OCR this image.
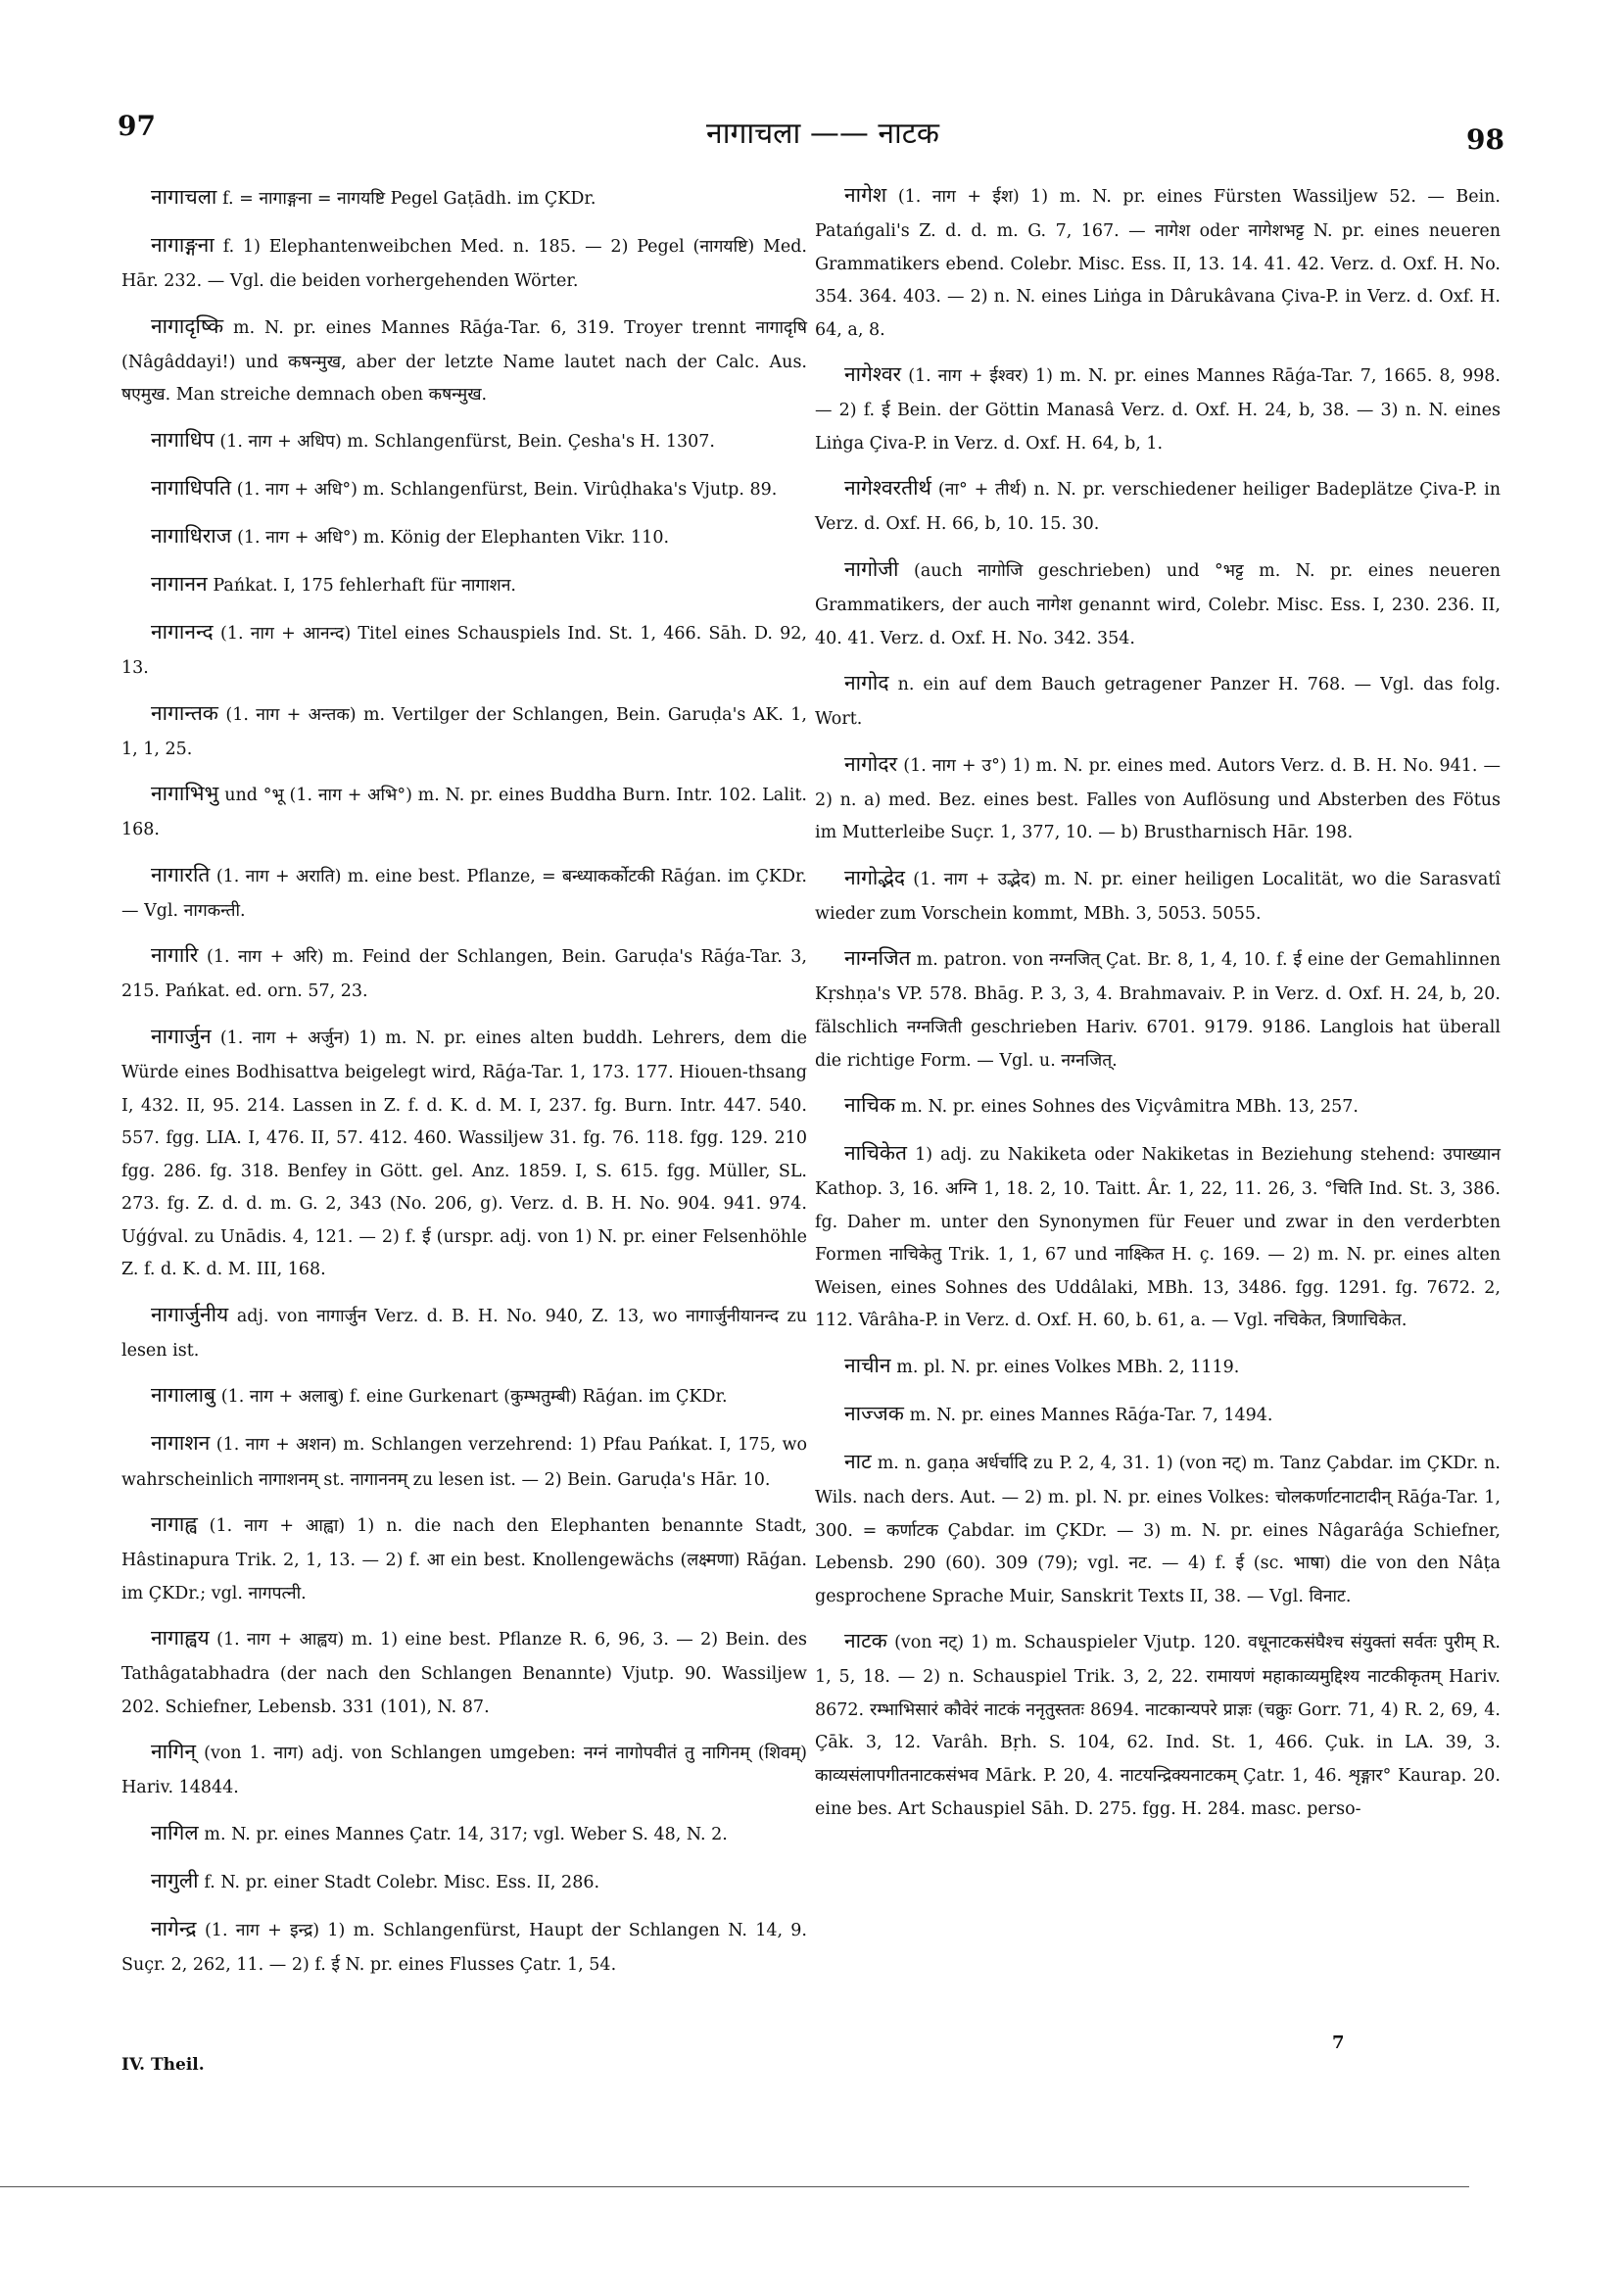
97	नागाचला —— नाटक	98

नागाचला f. = नागाङ्गना = नागयष्टि Pegel Gaṭādh. im ÇKDr.

नागाङ्गना f. 1) Elephantenweibchen Med. n. 185. — 2) Pegel (नागयष्टि) Med. Hār. 232. — Vgl. die beiden vorhergehenden Wörter.

नागादृष्कि m. N. pr. eines Mannes Rāǵa-Tar. 6, 319. Troyer trennt नागादृषि (Nâgâddayi!) und कषन्मुख, aber der letzte Name lautet nach der Calc. Aus. षएमुख. Man streiche demnach oben कषन्मुख.

नागाधिप (1. नाग + अधिप) m. Schlangenfürst, Bein. Çesha's H. 1307.

नागाधिपति (1. नाग + अधि°) m. Schlangenfürst, Bein. Virûḍhaka's Vjutp. 89.

नागाधिराज (1. नाग + अधि°) m. König der Elephanten Vikr. 110.

नागानन Pańkat. I, 175 fehlerhaft für नागाशन.

नागानन्द (1. नाग + आनन्द) Titel eines Schauspiels Ind. St. 1, 466. Sāh. D. 92, 13.

नागान्तक (1. नाग + अन्तक) m. Vertilger der Schlangen, Bein. Garuḍa's AK. 1, 1, 1, 25.

नागाभिभु und °भू (1. नाग + अभि°) m. N. pr. eines Buddha Burn. Intr. 102. Lalit. 168.

नागारति (1. नाग + अराति) m. eine best. Pflanze, = बन्ध्याकर्कोटकी Rāǵan. im ÇKDr. — Vgl. नागकन्ती.

नागारि (1. नाग + अरि) m. Feind der Schlangen, Bein. Garuḍa's Rāǵa-Tar. 3, 215. Pańkat. ed. orn. 57, 23.

नागार्जुन (1. नाग + अर्जुन) 1) m. N. pr. eines alten buddh. Lehrers, dem die Würde eines Bodhisattva beigelegt wird, Rāǵa-Tar. 1, 173. 177. Hiouen-thsang I, 432. II, 95. 214. Lassen in Z. f. d. K. d. M. I, 237. fg. Burn. Intr. 447. 540. 557. fgg. LIA. I, 476. II, 57. 412. 460. Wassiljew 31. fg. 76. 118. fgg. 129. 210 fgg. 286. fg. 318. Benfey in Gött. gel. Anz. 1859. I, S. 615. fgg. Müller, SL. 273. fg. Z. d. d. m. G. 2, 343 (No. 206, g). Verz. d. B. H. No. 904. 941. 974. Uǵǵval. zu Unādis. 4, 121. — 2) f. ई (urspr. adj. von 1) N. pr. einer Felsenhöhle Z. f. d. K. d. M. III, 168.

नागार्जुनीय adj. von नागार्जुन Verz. d. B. H. No. 940, Z. 13, wo नागार्जुनीयानन्द zu lesen ist.

नागालाबु (1. नाग + अलाबु) f. eine Gurkenart (कुम्भतुम्बी) Rāǵan. im ÇKDr.

नागाशन (1. नाग + अशन) m. Schlangen verzehrend: 1) Pfau Pańkat. I, 175, wo wahrscheinlich नागाशनम् st. नागाननम् zu lesen ist. — 2) Bein. Garuḍa's Hār. 10.

नागाह्व (1. नाग + आह्वा) 1) n. die nach den Elephanten benannte Stadt, Hâstinapura Trik. 2, 1, 13. — 2) f. आ ein best. Knollengewächs (लक्ष्मणा) Rāǵan. im ÇKDr.; vgl. नागपत्नी.

नागाह्वय (1. नाग + आह्वय) m. 1) eine best. Pflanze R. 6, 96, 3. — 2) Bein. des Tathâgatabhadra (der nach den Schlangen Benannte) Vjutp. 90. Wassiljew 202. Schiefner, Lebensb. 331 (101), N. 87.

नागिन् (von 1. नाग) adj. von Schlangen umgeben: नग्नं नागोपवीतं तु नागिनम् (शिवम्) Hariv. 14844.

नागिल m. N. pr. eines Mannes Çatr. 14, 317; vgl. Weber S. 48, N. 2.

नागुली f. N. pr. einer Stadt Colebr. Misc. Ess. II, 286.

नागेन्द्र (1. नाग + इन्द्र) 1) m. Schlangenfürst, Haupt der Schlangen N. 14, 9. Suçr. 2, 262, 11. — 2) f. ई N. pr. eines Flusses Çatr. 1, 54.

नागेश (1. नाग + ईश) 1) m. N. pr. eines Fürsten Wassiljew 52. — Bein. Patańgali's Z. d. d. m. G. 7, 167. — नागेश oder नागेशभट्ट N. pr. eines neueren Grammatikers ebend. Colebr. Misc. Ess. II, 13. 14. 41. 42. Verz. d. Oxf. H. No. 354. 364. 403. — 2) n. N. eines Liṅga in Dârukâvana Çiva-P. in Verz. d. Oxf. H. 64, a, 8.

नागेश्वर (1. नाग + ईश्वर) 1) m. N. pr. eines Mannes Rāǵa-Tar. 7, 1665. 8, 998. — 2) f. ई Bein. der Göttin Manasâ Verz. d. Oxf. H. 24, b, 38. — 3) n. N. eines Liṅga Çiva-P. in Verz. d. Oxf. H. 64, b, 1.

नागेश्वरतीर्थ (ना° + तीर्थ) n. N. pr. verschiedener heiliger Badeplätze Çiva-P. in Verz. d. Oxf. H. 66, b, 10. 15. 30.

नागोजी (auch नागोजि geschrieben) und °भट्ट m. N. pr. eines neueren Grammatikers, der auch नागेश genannt wird, Colebr. Misc. Ess. I, 230. 236. II, 40. 41. Verz. d. Oxf. H. No. 342. 354.

नागोद n. ein auf dem Bauch getragener Panzer H. 768. — Vgl. das folg. Wort.

नागोदर (1. नाग + उ°) 1) m. N. pr. eines med. Autors Verz. d. B. H. No. 941. — 2) n. a) med. Bez. eines best. Falles von Auflösung und Absterben des Fötus im Mutterleibe Suçr. 1, 377, 10. — b) Brustharnisch Hār. 198.

नागोद्भेद (1. नाग + उद्भेद) m. N. pr. einer heiligen Localität, wo die Sarasvatî wieder zum Vorschein kommt, MBh. 3, 5053. 5055.

नाग्नजित m. patron. von नग्नजित् Çat. Br. 8, 1, 4, 10. f. ई eine der Gemahlinnen Kṛshṇa's VP. 578. Bhāg. P. 3, 3, 4. Brahmavaiv. P. in Verz. d. Oxf. H. 24, b, 20. fälschlich नग्नजिती geschrieben Hariv. 6701. 9179. 9186. Langlois hat überall die richtige Form. — Vgl. u. नग्नजित्.

नाचिक m. N. pr. eines Sohnes des Viçvâmitra MBh. 13, 257.

नाचिकेत 1) adj. zu Nakiketa oder Nakiketas in Beziehung stehend: उपाख्यान Kathop. 3, 16. अग्नि 1, 18. 2, 10. Taitt. Âr. 1, 22, 11. 26, 3. °चिति Ind. St. 3, 386. fg. Daher m. unter den Synonymen für Feuer und zwar in den verderbten Formen नाचिकेतु Trik. 1, 1, 67 und नाक्ष्कित H. ç. 169. — 2) m. N. pr. eines alten Weisen, eines Sohnes des Uddâlaki, MBh. 13, 3486. fgg. 1291. fg. 7672. 2, 112. Vârâha-P. in Verz. d. Oxf. H. 60, b. 61, a. — Vgl. नचिकेत, त्रिणाचिकेत.

नाचीन m. pl. N. pr. eines Volkes MBh. 2, 1119.

नाज्जक m. N. pr. eines Mannes Rāǵa-Tar. 7, 1494.

नाट m. n. gaṇa अर्धर्चादि zu P. 2, 4, 31. 1) (von नट्) m. Tanz Çabdar. im ÇKDr. n. Wils. nach ders. Aut. — 2) m. pl. N. pr. eines Volkes: चोलकर्णाटनाटादीन् Rāǵa-Tar. 1, 300. = कर्णाटक Çabdar. im ÇKDr. — 3) m. N. pr. eines Nâgarâǵa Schiefner, Lebensb. 290 (60). 309 (79); vgl. नट. — 4) f. ई (sc. भाषा) die von den Nâṭa gesprochene Sprache Muir, Sanskrit Texts II, 38. — Vgl. विनाट.

नाटक (von नट्) 1) m. Schauspieler Vjutp. 120. वधूनाटकसंघैश्च संयुक्तां सर्वतः पुरीम् R. 1, 5, 18. — 2) n. Schauspiel Trik. 3, 2, 22. रामायणं महाकाव्यमुद्दिश्य नाटकीकृतम् Hariv. 8672. रम्भाभिसारं कौवेरं नाटकं ननृतुस्ततः 8694. नाटकान्यपरे प्राज्ञः (चक्रुः Gorr. 71, 4) R. 2, 69, 4. Çāk. 3, 12. Varâh. Bṛh. S. 104, 62. Ind. St. 1, 466. Çuk. in LA. 39, 3. काव्यसंलापगीतनाटकसंभव Mārk. P. 20, 4. नाटयन्द्रिक्यनाटकम् Çatr. 1, 46. शृङ्गार° Kaurap. 20. eine bes. Art Schauspiel Sāh. D. 275. fgg. H. 284. masc. perso-

IV. Theil.
7
